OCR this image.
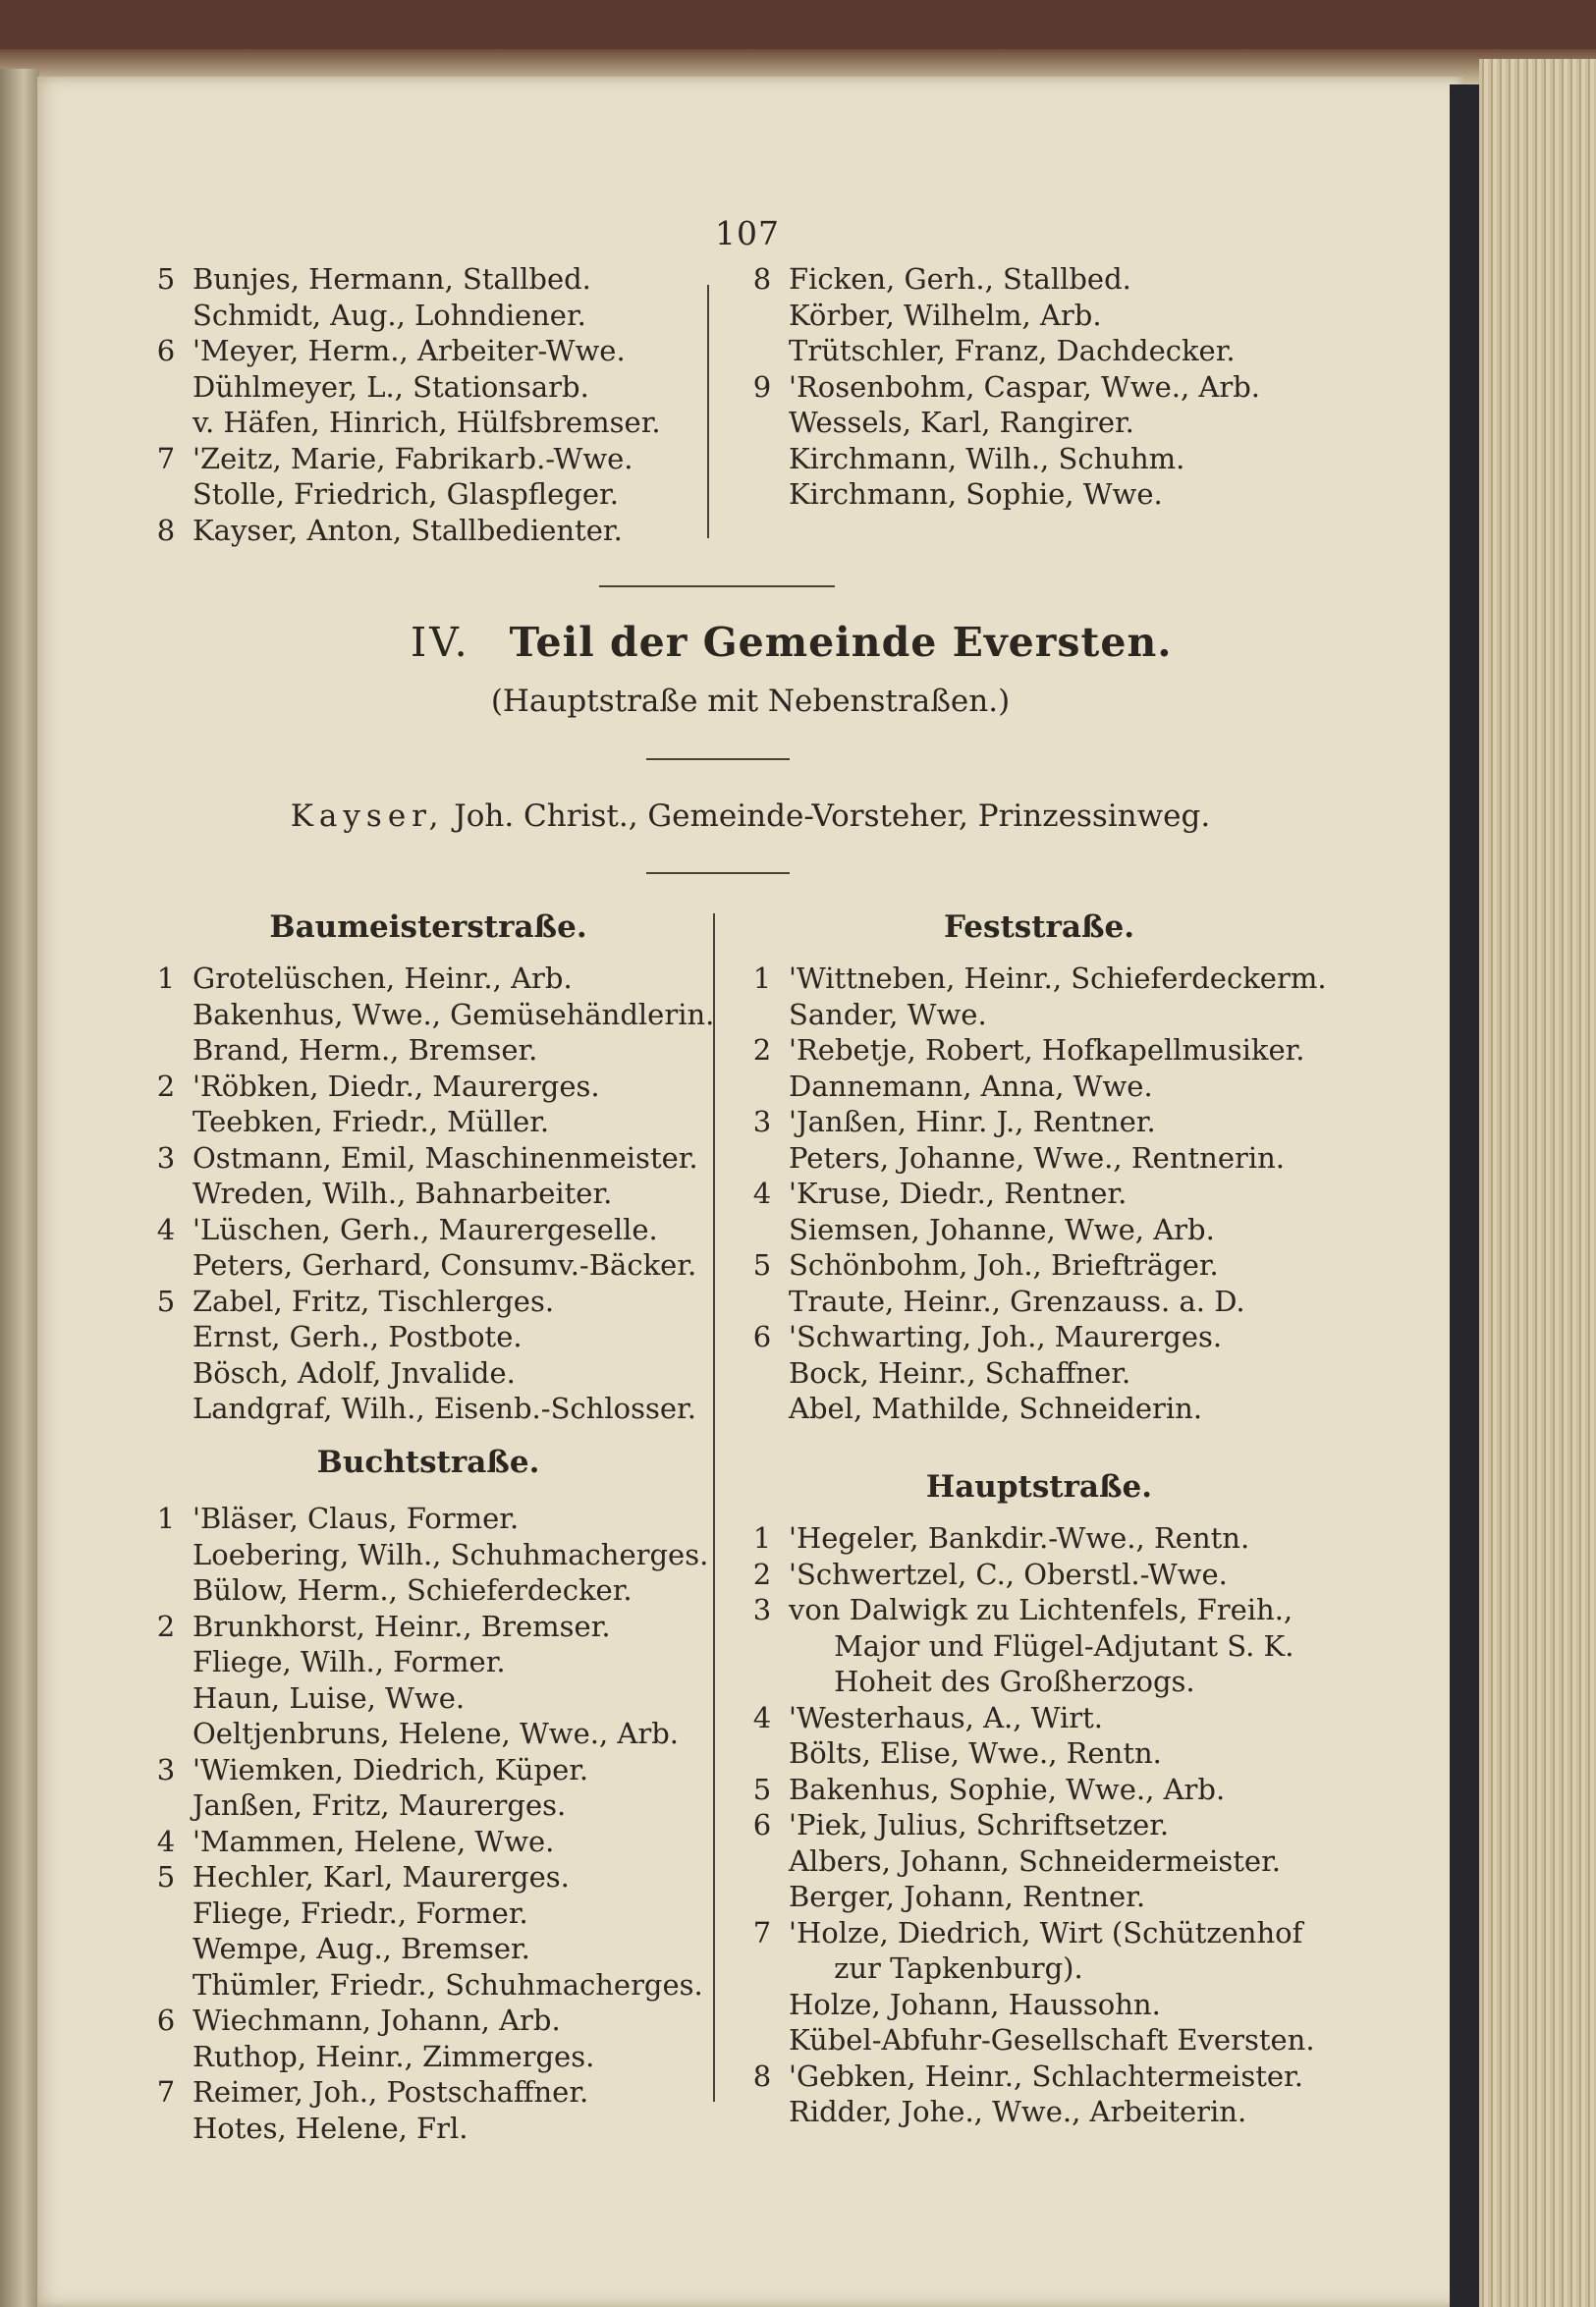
107
5 Bunjes, Hermann, Stallbed.
Schmidt, Aug., Lohndiener.
6 'Meyer, Herm., Arbeiter-Wwe.
Dühlmeyer, L., Stationsarb.
v. Häfen, Hinrich, Hülfsbremser.
7 'Zeitz, Marie, Fabrikarb.-Wwe.
Stolle, Friedrich, Glaspfleger.
8 Kayser, Anton, Stallbedienter.
8 Ficken, Gerh., Stallbed.
Körber, Wilhelm, Arb.
Trütschler, Franz, Dachdecker.
9 'Rosenbohm, Caspar, Wwe., Arb.
Wessels, Karl, Rangirer.
Kirchmann, Wilh., Schuhm.
Kirchmann, Sophie, Wwe.
IV. Teil der Gemeinde Eversten.
(Hauptstraße mit Nebenstraßen.)
Kayser, Joh. Christ., Gemeinde-Vorsteher, Prinzessinweg.
Baumeisterstraße.
1 Grotelüschen, Heinr., Arb.
Bakenhus, Wwe., Gemüsehändlerin.
Brand, Herm., Bremser.
2 'Röbken, Diedr., Maurerges.
Teebken, Friedr., Müller.
3 Ostmann, Emil, Maschinenmeister.
Wreden, Wilh., Bahnarbeiter.
4 'Lüschen, Gerh., Maurergeselle.
Peters, Gerhard, Consumv.-Bäcker.
5 Zabel, Fritz, Tischlerges.
Ernst, Gerh., Postbote.
Bösch, Adolf, Jnvalide.
Landgraf, Wilh., Eisenb.-Schlosser.
Buchtstraße.
1 'Bläser, Claus, Former.
Loebering, Wilh., Schuhmacherges.
Bülow, Herm., Schieferdecker.
2 Brunkhorst, Heinr., Bremser.
Fliege, Wilh., Former.
Haun, Luise, Wwe.
Oeltjenbruns, Helene, Wwe., Arb.
3 'Wiemken, Diedrich, Küper.
Janßen, Fritz, Maurerges.
4 'Mammen, Helene, Wwe.
5 Hechler, Karl, Maurerges.
Fliege, Friedr., Former.
Wempe, Aug., Bremser.
Thümler, Friedr., Schuhmacherges.
6 Wiechmann, Johann, Arb.
Ruthop, Heinr., Zimmerges.
7 Reimer, Joh., Postschaffner.
Hotes, Helene, Frl.
Feststraße.
1 'Wittneben, Heinr., Schieferdeckerm.
Sander, Wwe.
2 'Rebetje, Robert, Hofkapellmusiker.
Dannemann, Anna, Wwe.
3 'Janßen, Hinr. J., Rentner.
Peters, Johanne, Wwe., Rentnerin.
4 'Kruse, Diedr., Rentner.
Siemsen, Johanne, Wwe, Arb.
5 Schönbohm, Joh., Briefträger.
Traute, Heinr., Grenzauss. a. D.
6 'Schwarting, Joh., Maurerges.
Bock, Heinr., Schaffner.
Abel, Mathilde, Schneiderin.
Hauptstraße.
1 'Hegeler, Bankdir.-Wwe., Rentn.
2 'Schwertzel, C., Oberstl.-Wwe.
3 von Dalwigk zu Lichtenfels, Freih.,
Major und Flügel-Adjutant S. K.
Hoheit des Großherzogs.
4 'Westerhaus, A., Wirt.
Bölts, Elise, Wwe., Rentn.
5 Bakenhus, Sophie, Wwe., Arb.
6 'Piek, Julius, Schriftsetzer.
Albers, Johann, Schneidermeister.
Berger, Johann, Rentner.
7 'Holze, Diedrich, Wirt (Schützenhof
zur Tapkenburg).
Holze, Johann, Haussohn.
Kübel-Abfuhr-Gesellschaft Eversten.
8 'Gebken, Heinr., Schlachtermeister.
Ridder, Johe., Wwe., Arbeiterin.
